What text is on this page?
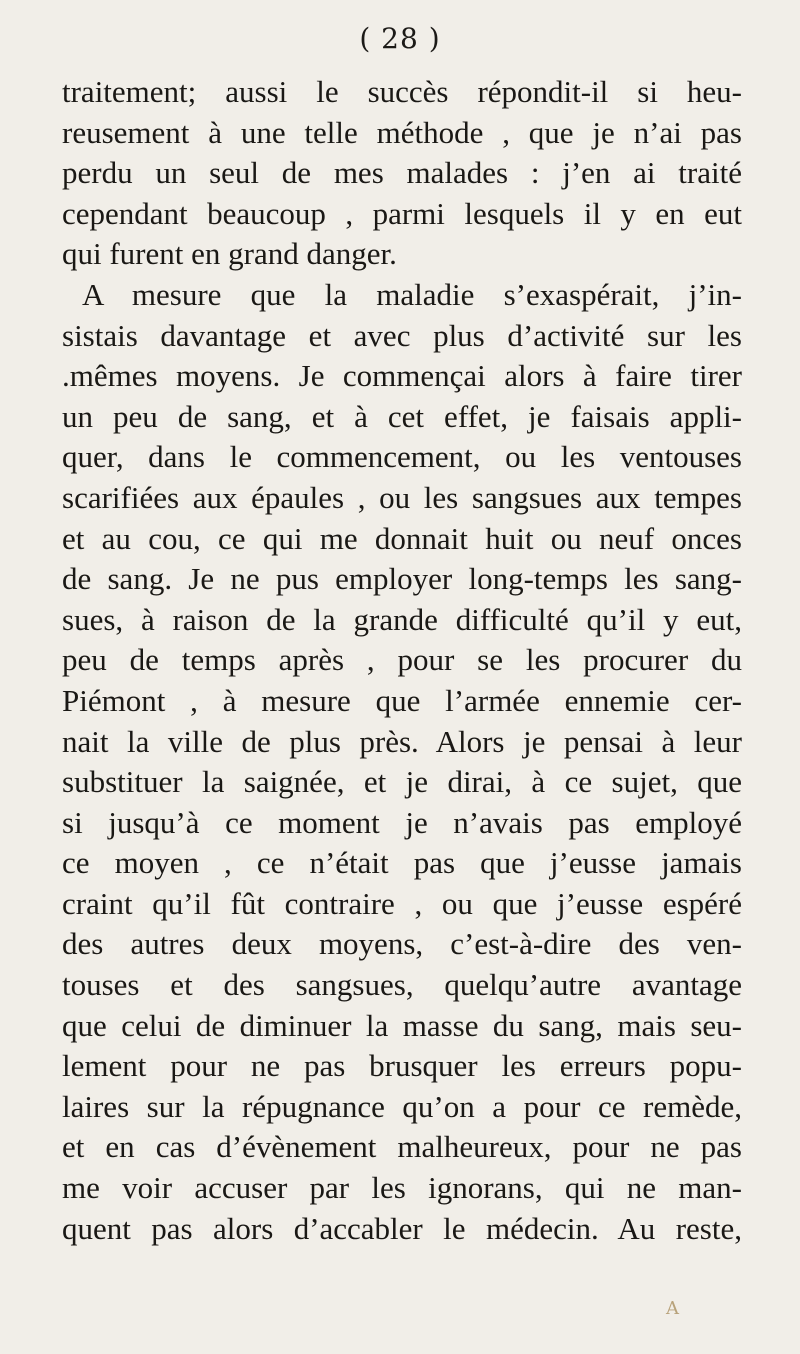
( 28 )
traitement; aussi le succès répondit-il si heu-
reusement à une telle méthode , que je n’ai pas
perdu un seul de mes malades : j’en ai traité
cependant beaucoup , parmi lesquels il y en eut
qui furent en grand danger.
A mesure que la maladie s’exaspérait, j’in-
sistais davantage et avec plus d’activité sur les
.mêmes moyens. Je commençai alors à faire tirer
un peu de sang, et à cet effet, je faisais appli-
quer, dans le commencement, ou les ventouses
scarifiées aux épaules , ou les sangsues aux tempes
et au cou, ce qui me donnait huit ou neuf onces
de sang. Je ne pus employer long-temps les sang-
sues, à raison de la grande difficulté qu’il y eut,
peu de temps après , pour se les procurer du
Piémont , à mesure que l’armée ennemie cer-
nait la ville de plus près. Alors je pensai à leur
substituer la saignée, et je dirai, à ce sujet, que
si jusqu’à ce moment je n’avais pas employé
ce moyen , ce n’était pas que j’eusse jamais
craint qu’il fût contraire , ou que j’eusse espéré
des autres deux moyens, c’est-à-dire des ven-
touses et des sangsues, quelqu’autre avantage
que celui de diminuer la masse du sang, mais seu-
lement pour ne pas brusquer les erreurs popu-
laires sur la répugnance qu’on a pour ce remède,
et en cas d’évènement malheureux, pour ne pas
me voir accuser par les ignorans, qui ne man-
quent pas alors d’accabler le médecin. Au reste,
A
